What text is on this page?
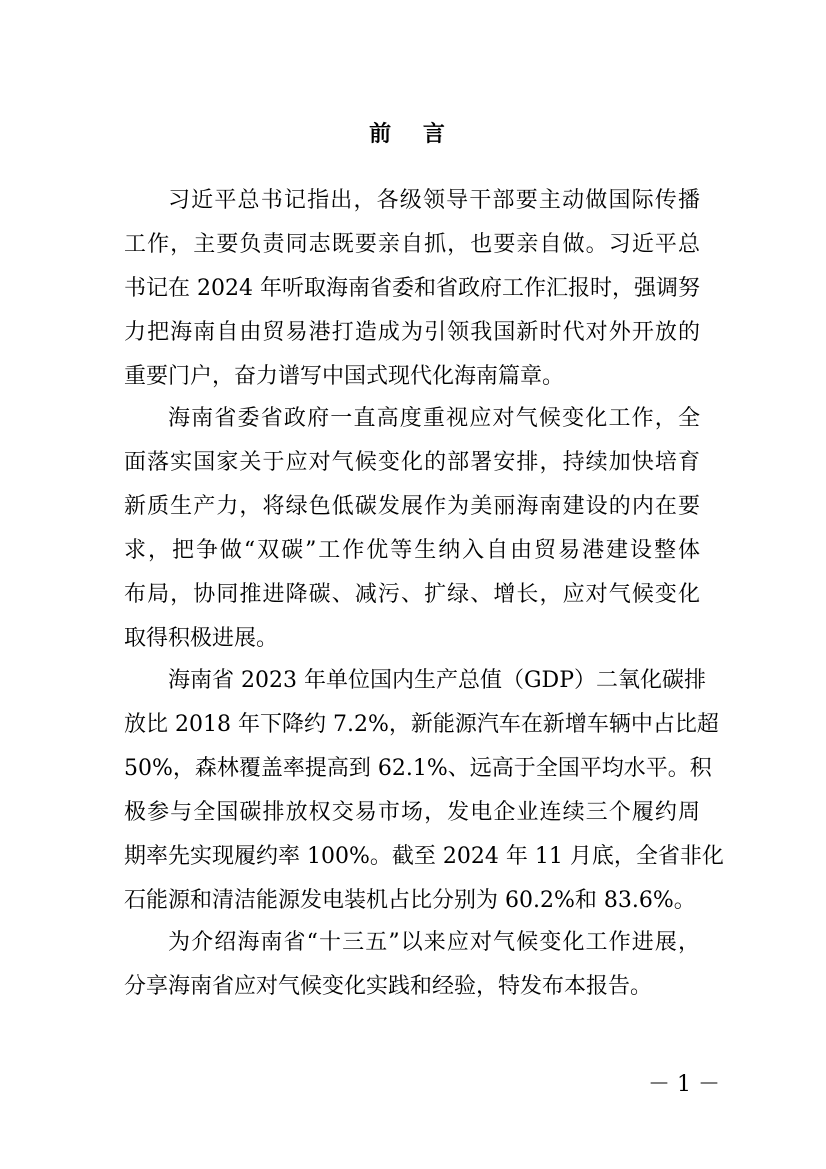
前 言
习近平总书记指出，各级领导干部要主动做国际传播
工作，主要负责同志既要亲自抓，也要亲自做。习近平总
书记在 2024 年听取海南省委和省政府工作汇报时，强调努
力把海南自由贸易港打造成为引领我国新时代对外开放的
重要门户，奋力谱写中国式现代化海南篇章。
海南省委省政府一直高度重视应对气候变化工作，全
面落实国家关于应对气候变化的部署安排，持续加快培育
新质生产力，将绿色低碳发展作为美丽海南建设的内在要
求，把争做“双碳”工作优等生纳入自由贸易港建设整体
布局，协同推进降碳、减污、扩绿、增长，应对气候变化
取得积极进展。
海南省 2023 年单位国内生产总值（GDP）二氧化碳排
放比 2018 年下降约 7.2%，新能源汽车在新增车辆中占比超
50%，森林覆盖率提高到 62.1%、远高于全国平均水平。积
极参与全国碳排放权交易市场，发电企业连续三个履约周
期率先实现履约率 100%。截至 2024 年 11 月底，全省非化
石能源和清洁能源发电装机占比分别为 60.2%和 83.6%。
为介绍海南省“十三五”以来应对气候变化工作进展，
分享海南省应对气候变化实践和经验，特发布本报告。
－ 1 －
